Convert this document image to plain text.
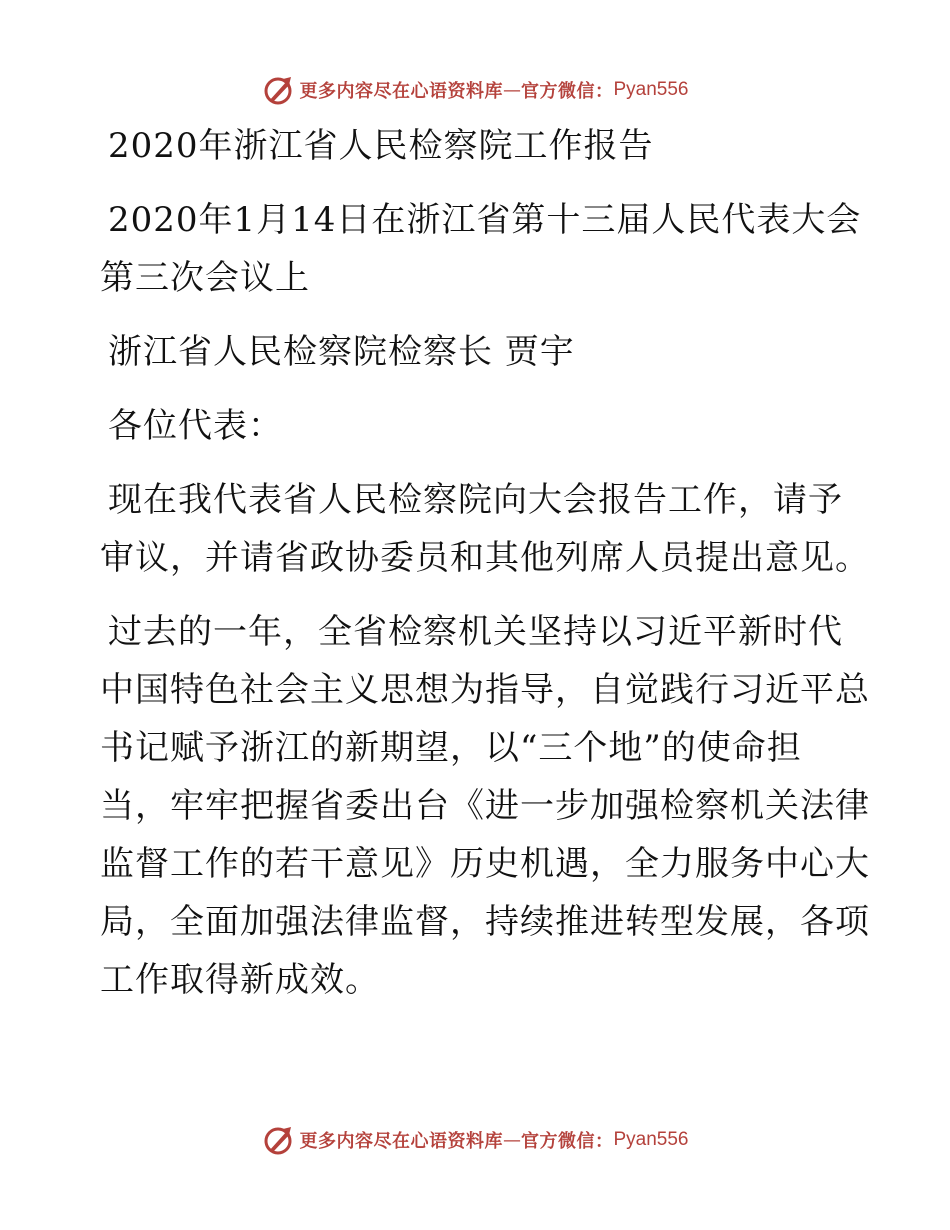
更多内容尽在心语资料库 — 官方微信： Pyan556
2020年浙江省人民检察院工作报告
2020年1月14日在浙江省第十三届人民代表大会
第三次会议上
浙江省人民检察院检察长 贾宇
各位代表：
现在我代表省人民检察院向大会报告工作，请予
审议，并请省政协委员和其他列席人员提出意见。
过去的一年，全省检察机关坚持以习近平新时代
中国特色社会主义思想为指导，自觉践行习近平总
书记赋予浙江的新期望，以“三个地”的使命担
当，牢牢把握省委出台《进一步加强检察机关法律
监督工作的若干意见》历史机遇，全力服务中心大
局，全面加强法律监督，持续推进转型发展，各项
工作取得新成效。
更多内容尽在心语资料库 — 官方微信： Pyan556
